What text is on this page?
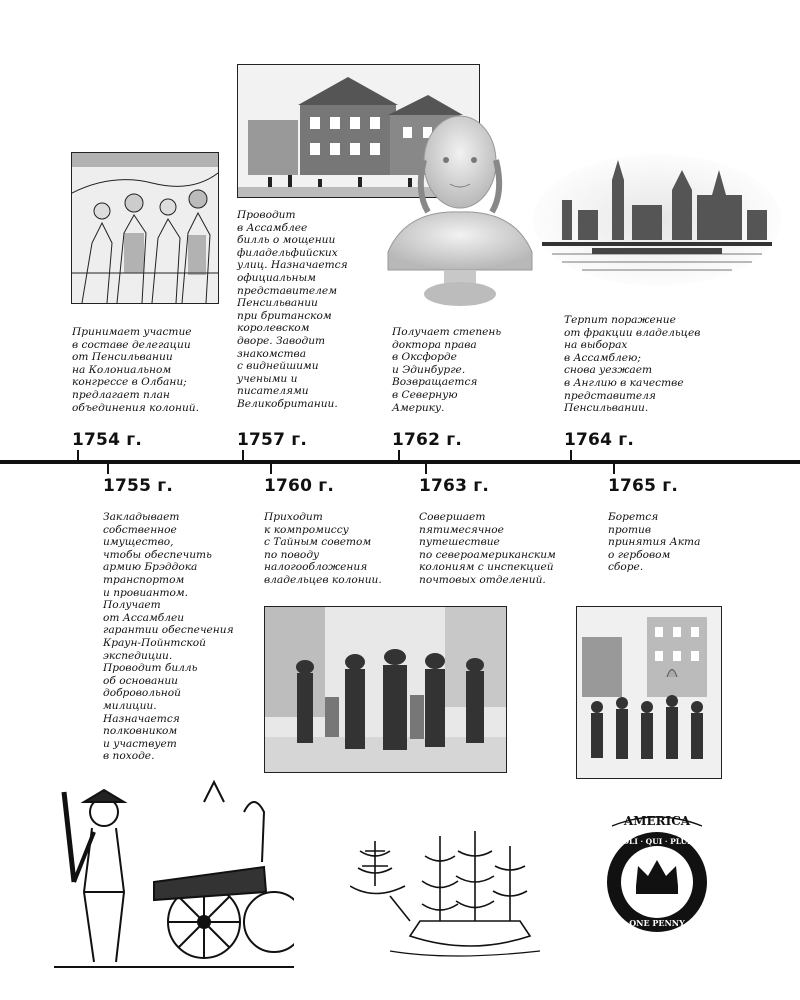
AMERICA
SOLI · QUI · PLURI
ONE PENNY
1754 г.	1757 г.	1762 г.	1764 г.
1755 г.	1760 г.	1763 г.	1765 г.
Принимает участие
в составе делегации
от Пенсильвании
на Колониальном
конгрессе в Олбани;
предлагает план
объединения колоний.
Проводит
в Ассамблее
билль о мощении
филадельфийских
улиц. Назначается
официальным
представителем
Пенсильвании
при британском
королевском
дворе. Заводит
знакомства
с виднейшими
учеными и
писателями
Великобритании.
Получает степень
доктора права
в Оксфорде
и Эдинбурге.
Возвращается
в Северную
Америку.
Терпит поражение
от фракции владельцев
на выборах
в Ассамблею;
снова уезжает
в Англию в качестве
представителя
Пенсильвании.
Закладывает
собственное
имущество,
чтобы обеспечить
армию Брэддока
транспортом
и провиантом.
Получает
от Ассамблеи
гарантии обеспечения
Краун-Пойнтской
экспедиции.
Проводит билль
об основании
добровольной
милиции.
Назначается
полковником
и участвует
в походе.
Приходит
к компромиссу
с Тайным советом
по поводу
налогообложения
владельцев колонии.
Совершает
пятимесячное
путешествие
по североамериканским
колониям с инспекцией
почтовых отделений.
Борется
против
принятия Акта
о гербовом
сборе.
